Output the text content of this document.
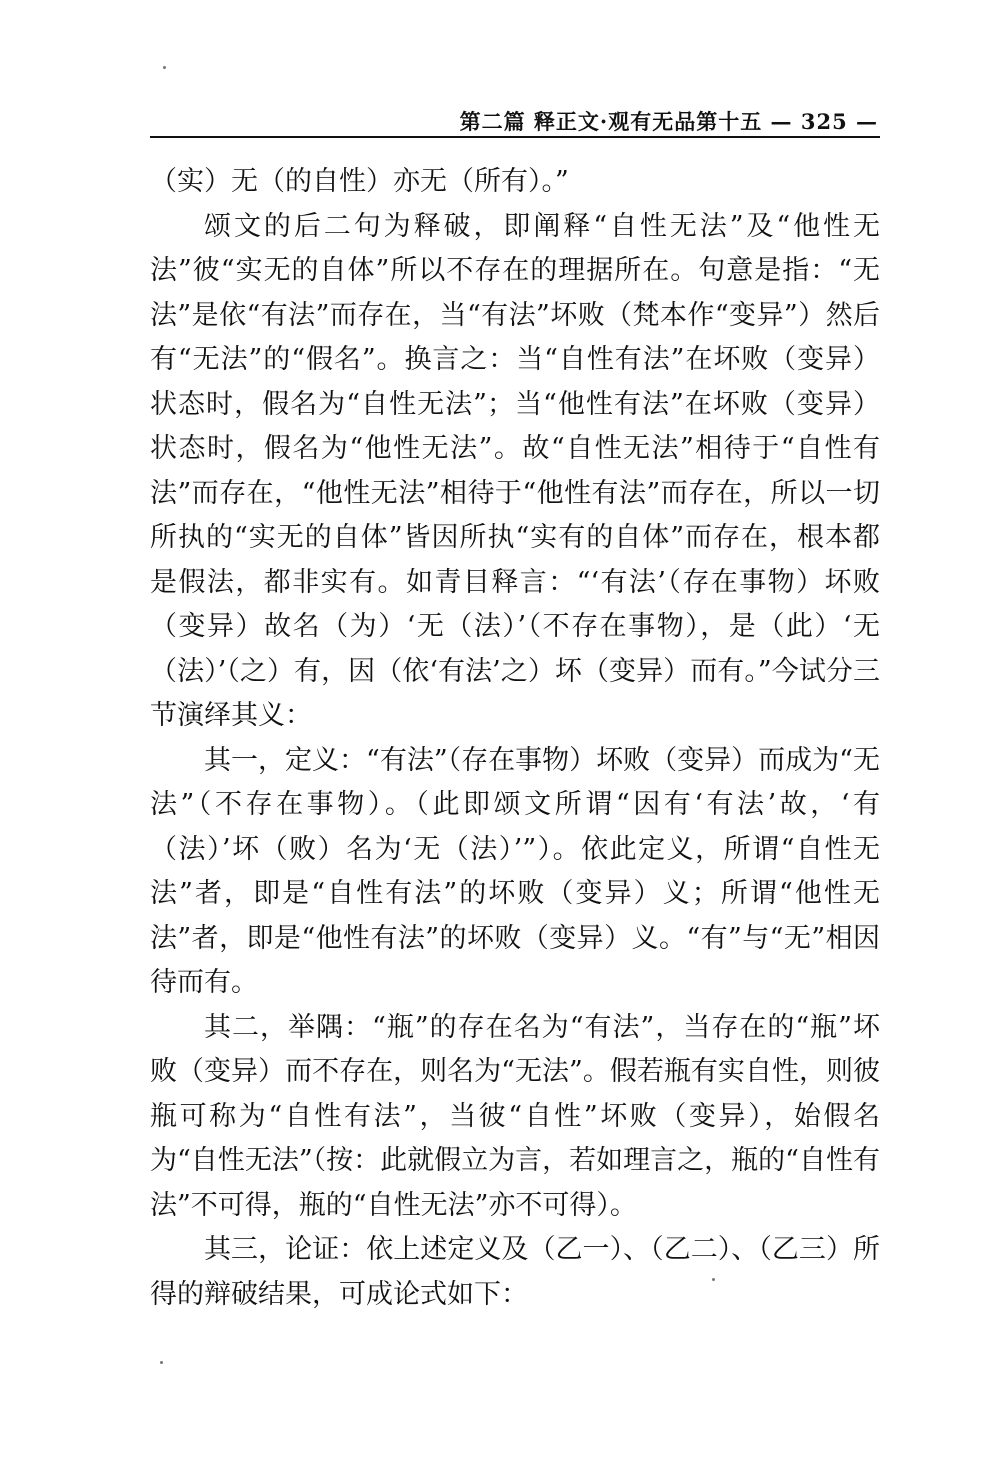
第二篇 释正文·观有无品第十五 — 325 —

（实）无（的自性）亦无（所有）。”

颂文的后二句为释破，即阐释“自性无法”及“他性无法”彼“实无的自体”所以不存在的理据所在。句意是指：“无法”是依“有法”而存在，当“有法”坏败（梵本作“变异”）然后有“无法”的“假名”。换言之：当“自性有法”在坏败（变异）状态时，假名为“自性无法”；当“他性有法”在坏败（变异）状态时，假名为“他性无法”。故“自性无法”相待于“自性有法”而存在，“他性无法”相待于“他性有法”而存在，所以一切所执的“实无的自体”皆因所执“实有的自体”而存在，根本都是假法，都非实有。如青目释言：“‘有法’（存在事物）坏败（变异）故名（为）‘无（法）’（不存在事物），是（此）‘无（法）’（之）有，因（依‘有法’之）坏（变异）而有。”今试分三节演绎其义：

其一，定义：“有法”（存在事物）坏败（变异）而成为“无法”（不存在事物）。（此即颂文所谓“因有‘有法’故，‘有（法）’坏（败）名为‘无（法）’”）。依此定义，所谓“自性无法”者，即是“自性有法”的坏败（变异）义；所谓“他性无法”者，即是“他性有法”的坏败（变异）义。“有”与“无”相因待而有。

其二，举隅：“瓶”的存在名为“有法”，当存在的“瓶”坏败（变异）而不存在，则名为“无法”。假若瓶有实自性，则彼瓶可称为“自性有法”，当彼“自性”坏败（变异），始假名为“自性无法”（按：此就假立为言，若如理言之，瓶的“自性有法”不可得，瓶的“自性无法”亦不可得）。

其三，论证：依上述定义及（乙一）、（乙二）、（乙三）所得的辩破结果，可成论式如下：
